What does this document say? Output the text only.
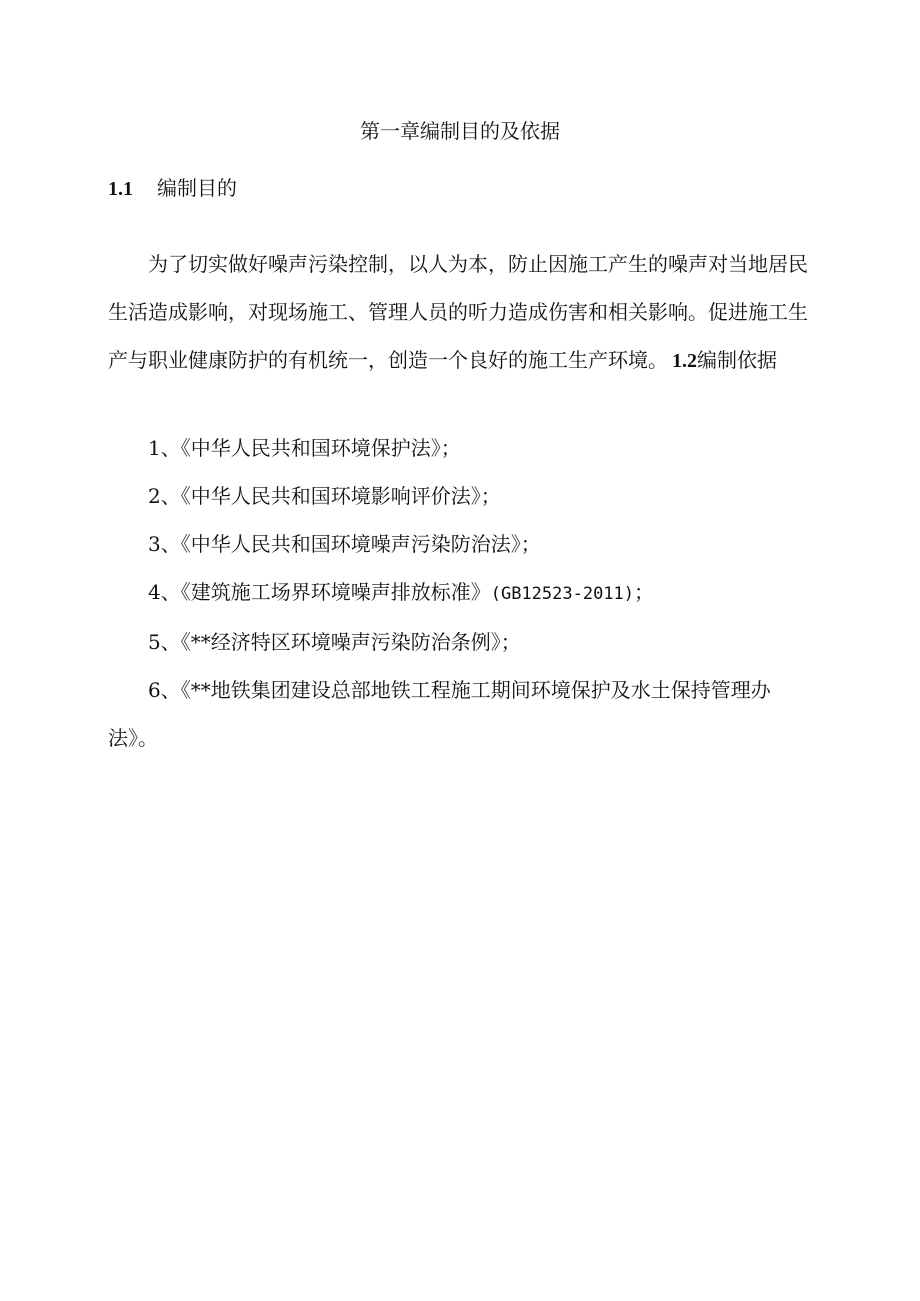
第一章编制目的及依据
1.1 编制目的

为了切实做好噪声污染控制，以人为本，防止因施工产生的噪声对当地居民生活造成影响，对现场施工、管理人员的听力造成伤害和相关影响。促进施工生产与职业健康防护的有机统一，创造一个良好的施工生产环境。 1.2编制依据

1、《中华人民共和国环境保护法》；
2、《中华人民共和国环境影响评价法》；
3、《中华人民共和国环境噪声污染防治法》；
4、《建筑施工场界环境噪声排放标准》(GB12523-2011)；
5、《**经济特区环境噪声污染防治条例》；
6、《**地铁集团建设总部地铁工程施工期间环境保护及水土保持管理办法》。
